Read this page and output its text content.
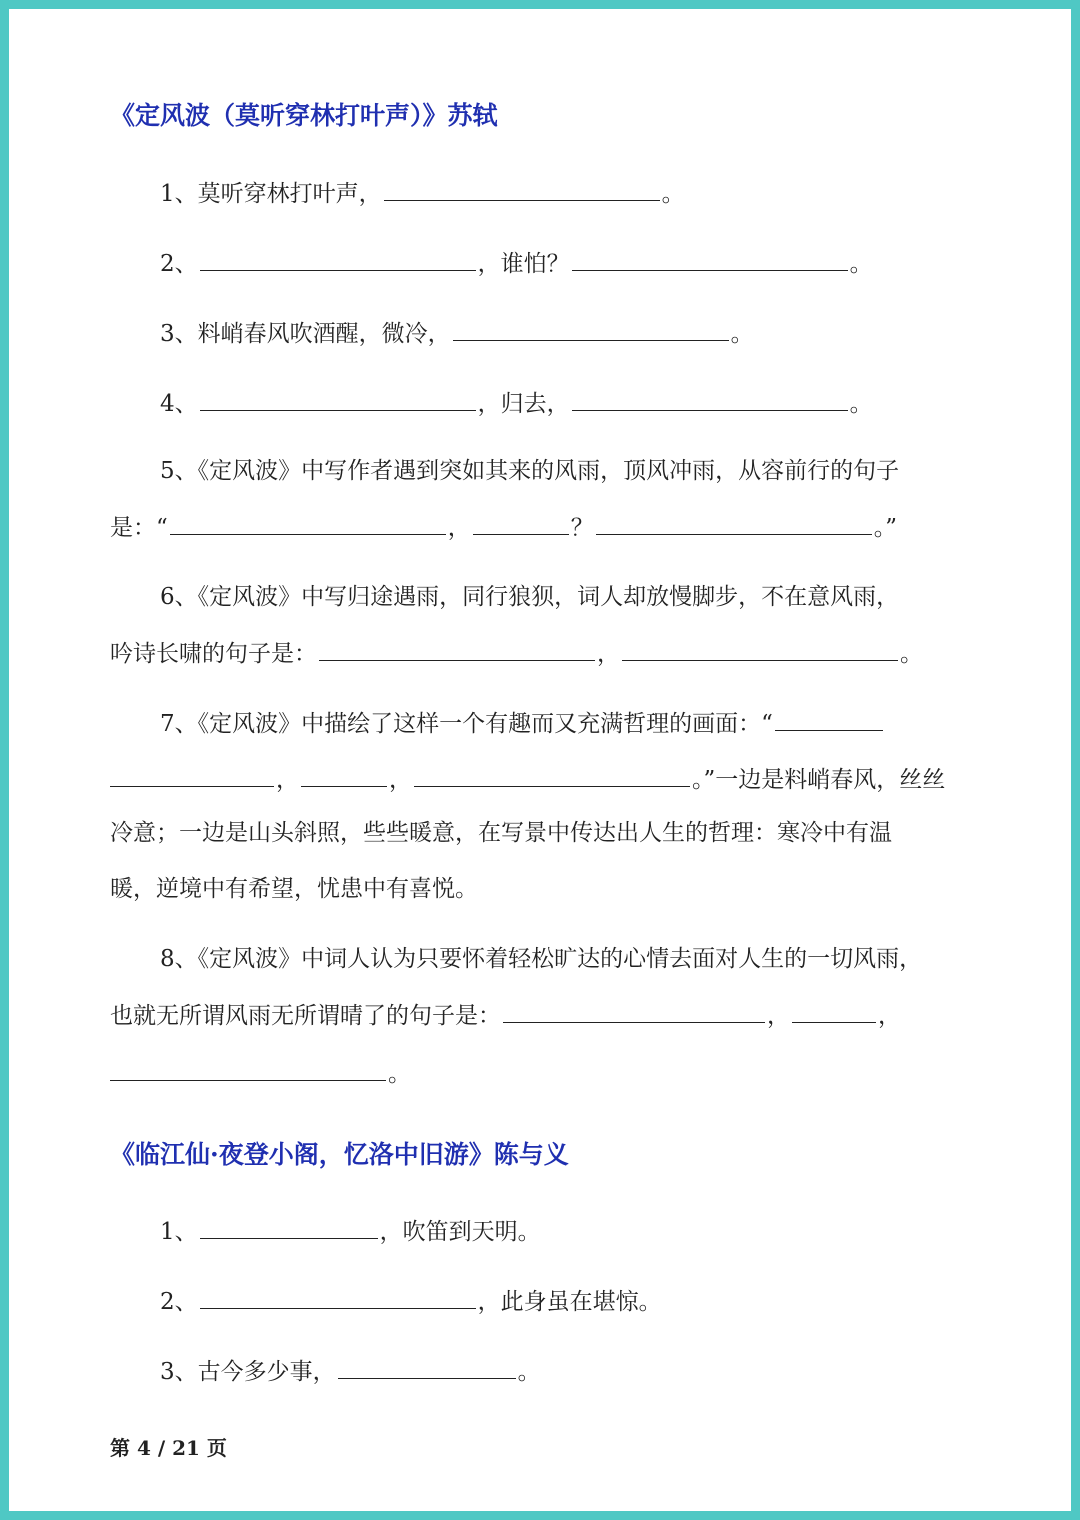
《定风波（莫听穿林打叶声）》苏轼
1、莫听穿林打叶声，	。
2、	，谁怕？	。
3、料峭春风吹酒醒，微冷，	。
4、	，归去，	。
5、《定风波》中写作者遇到突如其来的风雨，顶风冲雨，从容前行的句子
是：“	，	？	。”
6、《定风波》中写归途遇雨，同行狼狈，词人却放慢脚步，不在意风雨，
吟诗长啸的句子是：	，	。
7、《定风波》中描绘了这样一个有趣而又充满哲理的画面：“
，	，	。”一边是料峭春风，丝丝
冷意；一边是山头斜照，些些暖意，在写景中传达出人生的哲理：寒冷中有温
暖，逆境中有希望，忧患中有喜悦。
8、《定风波》中词人认为只要怀着轻松旷达的心情去面对人生的一切风雨，
也就无所谓风雨无所谓晴了的句子是：	，	，
。
《临江仙·夜登小阁，忆洛中旧游》陈与义
1、	，吹笛到天明。
2、	，此身虽在堪惊。
3、古今多少事，	。
第 4 / 21 页
